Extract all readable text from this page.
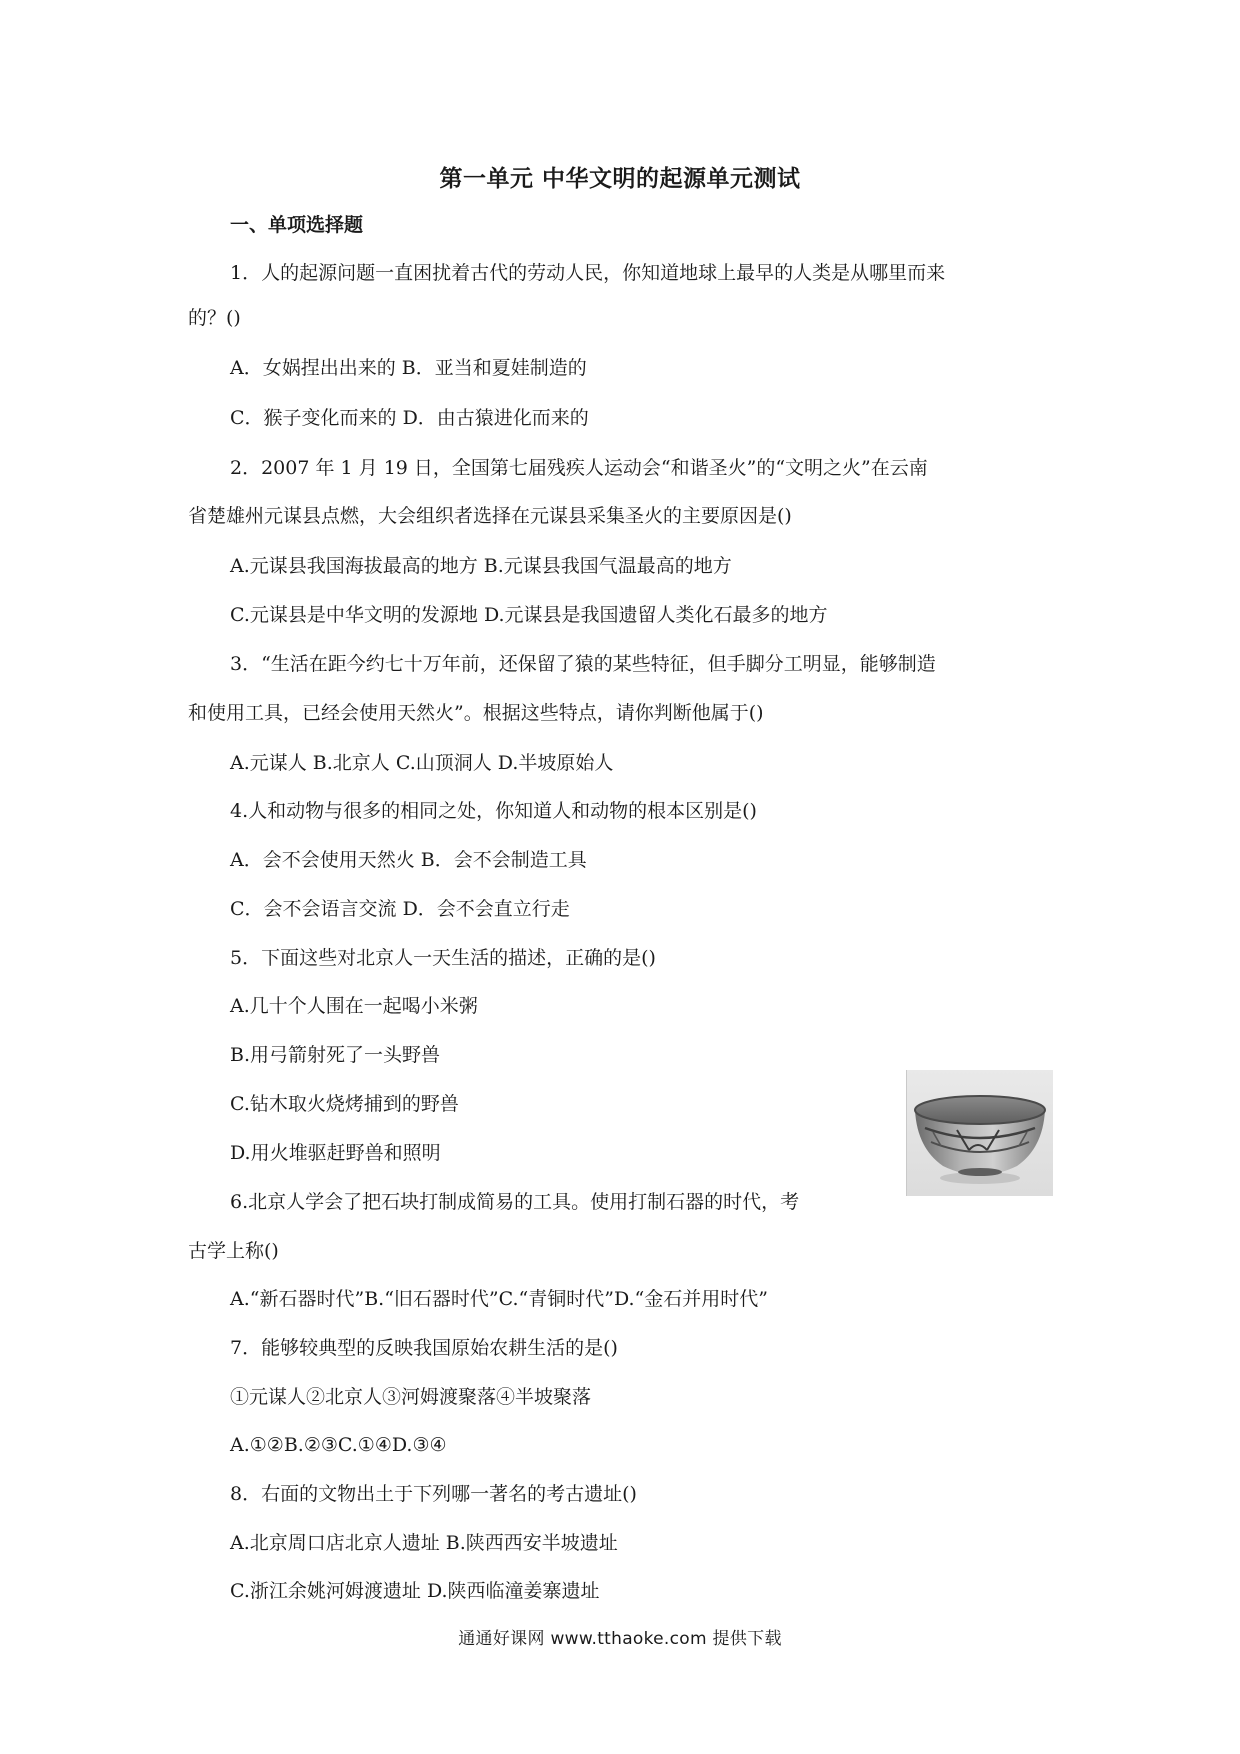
第一单元 中华文明的起源单元测试
一、单项选择题
1．人的起源问题一直困扰着古代的劳动人民，你知道地球上最早的人类是从哪里而来
的？()
A．女娲捏出出来的 B．亚当和夏娃制造的
C．猴子变化而来的 D．由古猿进化而来的
2．2007 年 1 月 19 日，全国第七届残疾人运动会“和谐圣火”的“文明之火”在云南
省楚雄州元谋县点燃，大会组织者选择在元谋县采集圣火的主要原因是()
A.元谋县我国海拔最高的地方 B.元谋县我国气温最高的地方
C.元谋县是中华文明的发源地 D.元谋县是我国遗留人类化石最多的地方
3．“生活在距今约七十万年前，还保留了猿的某些特征，但手脚分工明显，能够制造
和使用工具，已经会使用天然火”。根据这些特点，请你判断他属于()
A.元谋人 B.北京人 C.山顶洞人 D.半坡原始人
4.人和动物与很多的相同之处，你知道人和动物的根本区别是()
A．会不会使用天然火 B．会不会制造工具
C．会不会语言交流 D．会不会直立行走
5．下面这些对北京人一天生活的描述，正确的是()
A.几十个人围在一起喝小米粥
B.用弓箭射死了一头野兽
C.钻木取火烧烤捕到的野兽
D.用火堆驱赶野兽和照明
6.北京人学会了把石块打制成简易的工具。使用打制石器的时代，考
古学上称()
A.“新石器时代”B.“旧石器时代”C.“青铜时代”D.“金石并用时代”
7．能够较典型的反映我国原始农耕生活的是()
①元谋人②北京人③河姆渡聚落④半坡聚落
A.①②B.②③C.①④D.③④
8．右面的文物出土于下列哪一著名的考古遗址()
A.北京周口店北京人遗址 B.陕西西安半坡遗址
C.浙江余姚河姆渡遗址 D.陕西临潼姜寨遗址
通通好课网 www.tthaoke.com 提供下载
